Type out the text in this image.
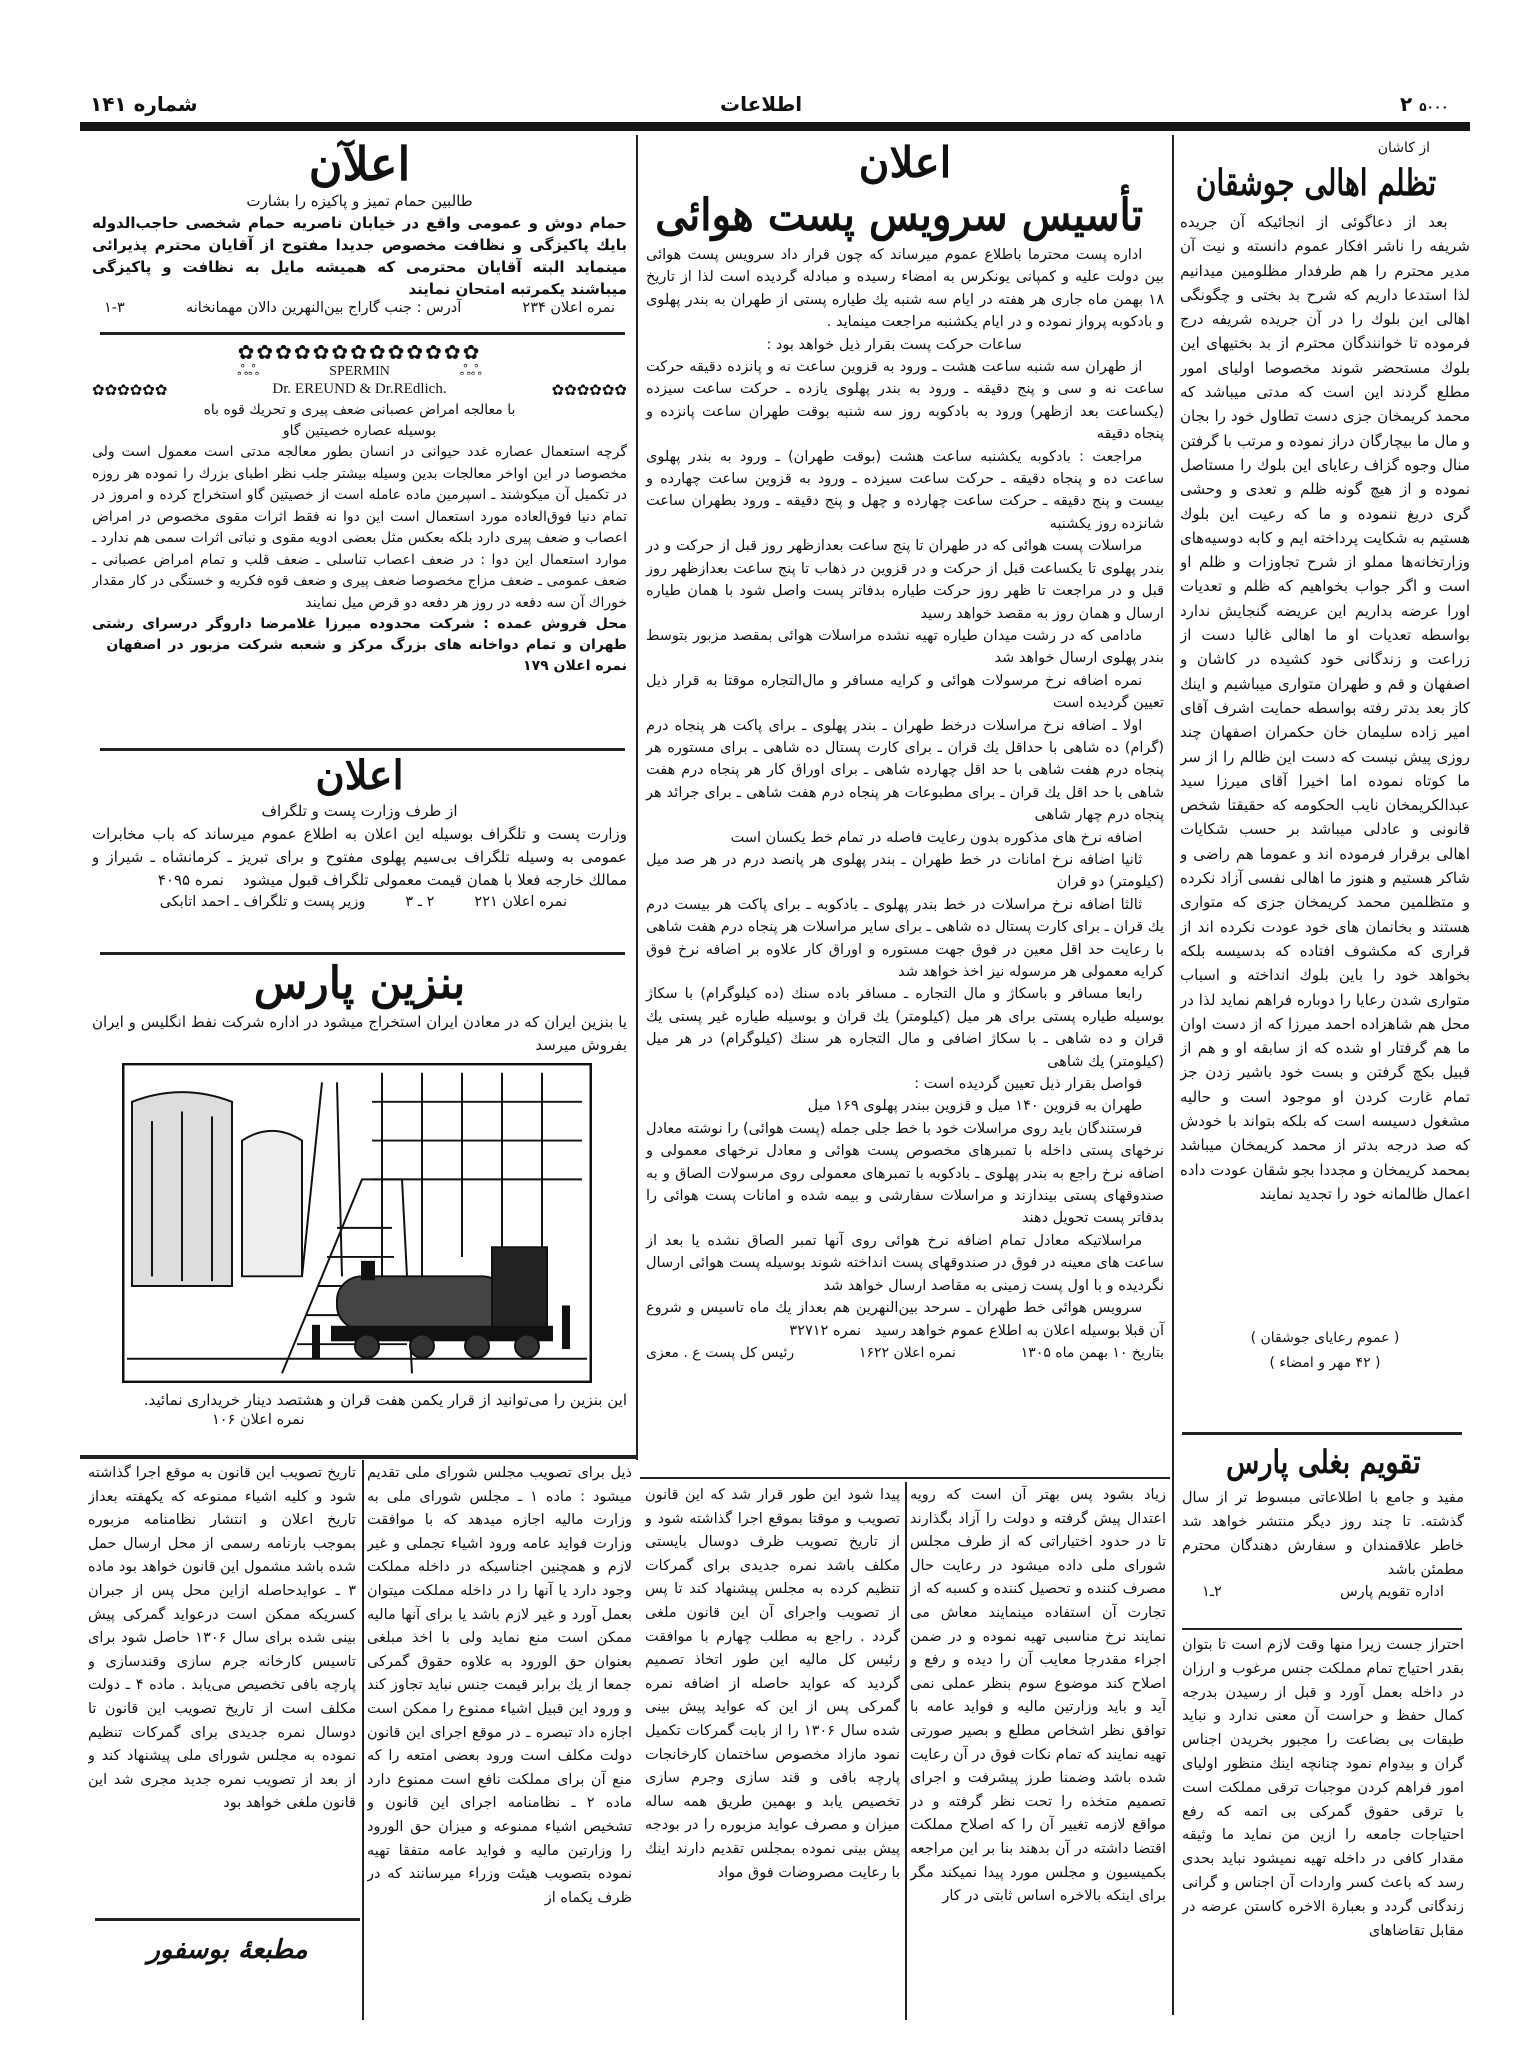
۲ ۵۰۰۰
اطلاعات
شماره ۱۴۱
اعلآن
طالبین حمام تمیز و پاکیزه را بشارت
حمام دوش و عمومی واقع در خیابان ناصریه حمام شخصی حاجب‌الدوله بایك پاکیزگی و نظافت مخصوص جدیدا مفتوح از آقایان محترم پذیرائی مینماید البته آقایان محترمی که همیشه مایل به نظافت و پاکیزگی میباشند یکمرتبه امتحان نمایند
نمره اعلان ۲۳۴
آدرس : جنب گاراج بین‌النهرین دالان مهمانخانه
۱-۳
✿✿✿✿✿✿✿✿✿✿✿✿✿
ஃஃ	SPERMIN	ஃஃ
✿✿✿✿✿✿	Dr. EREUND & Dr.REdlich.	✿✿✿✿✿✿
با معالجه امراض عصبانی ضعف پیری و تحریك قوه باه
بوسیله عصاره خصیتین گاو
گرچه استعمال عصاره غدد حیوانی در انسان بطور معالجه مدتی است معمول است ولی مخصوصا در این اواخر معالجات بدین وسیله بیشتر جلب نظر اطبای بزرك را نموده هر روزه در تکمیل آن میکوشند ـ اسپرمین ماده عامله است از خصیتین گاو استخراج کرده و امروز در تمام دنیا فوق‌العاده مورد استعمال است این دوا نه فقط اثرات مقوی مخصوص در امراض اعصاب و ضعف پیری دارد بلکه بعکس مثل بعضی ادویه مقوی و نباتی اثرات سمی هم ندارد ـ موارد استعمال این دوا : در ضعف اعصاب تناسلی ـ ضعف قلب و تمام امراض عصبانی ـ ضعف عمومی ـ ضعف مزاج مخصوصا ضعف پیری و ضعف قوه فکریه و خستگی در کار مقدار خوراك آن سه دفعه در روز هر دفعه دو قرص میل نمایند
محل فروش عمده : شرکت محدوده میرزا غلامرضا داروگر درسرای رشتی طهران و تمام دواخانه های بزرگ مرکز و شعبه شرکت مزبور در اصفهان   نمره اعلان ۱۷۹
اعلان
از طرف وزارت پست و تلگراف
وزارت پست و تلگراف بوسیله این اعلان به اطلاع عموم میرساند که باب مخابرات عمومی به وسیله تلگراف بی‌سیم پهلوی مفتوح و برای تبریز ـ کرمانشاه ـ شیراز و ممالك خارجه فعلا با همان قیمت معمولی تلگراف قبول میشود    نمره ۴۰۹۵
نمره اعلان ۲۲۱
۲ ـ ۳
وزیر پست و تلگراف ـ احمد اتابکی
بنزین پارس
یا بنزین ایران که در معادن ایران استخراج میشود در اداره شرکت نفط انگلیس و ایران بفروش میرسد
این بنزین را می‌توانید از قرار یکمن هفت قران و هشتصد دینار خریداری نمائید.
نمره اعلان ۱۰۶
اعلان
تأسیس سرویس پست هوائی

اداره پست محترما باطلاع عموم میرساند که چون قرار داد سرویس پست هوائی بین دولت علیه و کمپانی یونکرس به امضاء رسیده و مبادله گردیده است لذا از تاریخ ۱۸ بهمن ماه جاری هر هفته در ایام سه شنبه یك طیاره پستی از طهران به بندر پهلوی و بادکوبه پرواز نموده و در ایام یکشنبه مراجعت مینماید .

ساعات حرکت پست بقرار ذیل خواهد بود :

از طهران سه شنبه ساعت هشت ـ ورود به قزوین ساعت نه و پانزده دقیقه حرکت ساعت نه و سی و پنج دقیقه ـ ورود به بندر پهلوی یازده ـ حرکت ساعت سیزده (یکساعت بعد ازظهر) ورود به بادکوبه روز سه شنبه بوقت طهران ساعت پانزده و پنجاه دقیقه

مراجعت : بادکوبه یکشنبه ساعت هشت (بوقت طهران) ـ ورود به بندر پهلوی ساعت ده و پنجاه دقیقه ـ حرکت ساعت سیزده ـ ورود به قزوین ساعت چهارده و بیست و پنج دقیقه ـ حرکت ساعت چهارده و چهل و پنج دقیقه ـ ورود بطهران ساعت شانزده روز یکشنبه

مراسلات پست هوائی که در طهران تا پنج ساعت بعدازظهر روز قبل از حرکت و در بندر پهلوی تا یکساعت قبل از حرکت و در قزوین در ذهاب تا پنج ساعت بعدازظهر روز قبل و در مراجعت تا ظهر روز حرکت طیاره بدفاتر پست واصل شود با همان طیاره ارسال و همان روز به مقصد خواهد رسید

مادامی که در رشت میدان طیاره تهیه نشده مراسلات هوائی بمقصد مزبور بتوسط بندر پهلوی ارسال خواهد شد

نمره اضافه نرخ مرسولات هوائی و کرایه مسافر و مال‌التجاره موقتا به قرار ذیل تعیین گردیده است

اولا ـ اضافه نرخ مراسلات درخط طهران ـ بندر پهلوی ـ برای پاکت هر پنجاه درم (گرام) ده شاهی با حداقل یك قران ـ برای کارت پستال ده شاهی ـ برای مستوره هر پنجاه درم هفت شاهی با حد اقل چهارده شاهی ـ برای اوراق کار هر پنجاه درم هفت شاهی با حد اقل یك قران ـ برای مطبوعات هر پنجاه درم هفت شاهی ـ برای جرائد هر پنجاه درم چهار شاهی

اضافه نرخ های مذکوره بدون رعایت فاصله در تمام خط یکسان است

ثانیا اضافه نرخ امانات در خط طهران ـ بندر پهلوی هر پانصد درم در هر صد میل (کیلومتر) دو قران

ثالثا اضافه نرخ مراسلات در خط بندر پهلوی ـ بادکوبه ـ برای پاکت هر بیست درم یك قران ـ برای کارت پستال ده شاهی ـ برای سایر مراسلات هر پنجاه درم هفت شاهی با رعایت حد اقل معین در فوق جهت مستوره و اوراق کار علاوه بر اضافه نرخ فوق کرایه معمولی هر مرسوله نیز اخذ خواهد شد

رابعا مسافر و باسکاژ و مال التجاره ـ مسافر باده سنك (ده کیلوگرام) با سکاژ بوسیله طیاره پستی برای هر میل (کیلومتر) یك قران و بوسیله طیاره غیر پستی یك قران و ده شاهی ـ با سکاژ اضافی و مال التجاره هر سنك (کیلوگرام) در هر میل (کیلومتر) یك شاهی

فواصل بقرار ذیل تعیین گردیده است :

طهران به قزوین ۱۴۰ میل و قزوین ببندر پهلوی ۱۶۹ میل

فرستندگان باید روی مراسلات خود با خط جلی جمله (پست هوائی) را نوشته معادل نرخهای پستی داخله با تمبرهای مخصوص پست هوائی و معادل نرخهای معمولی و اضافه نرخ راجع به بندر پهلوی ـ بادکوبه با تمبرهای معمولی روی مرسولات الصاق و به صندوقهای پستی بیندازند و مراسلات سفارشی و بیمه شده و امانات پست هوائی را بدفاتر پست تحویل دهند

مراسلاتیکه معادل تمام اضافه نرخ هوائی روی آنها تمبر الصاق نشده یا بعد از ساعت های معینه در فوق در صندوقهای پست انداخته شوند بوسیله پست هوائی ارسال نگردیده و با اول پست زمینی به مقاصد ارسال خواهد شد

سرویس هوائی خط طهران ـ سرحد بین‌النهرین هم بعداز یك ماه تاسیس و شروع آن قبلا بوسیله اعلان به اطلاع عموم خواهد رسید   نمره ۳۲۷۱۲

بتاریخ ۱۰ بهمن ماه ۱۳۰۵
نمره اعلان ۱۶۲۲
رئیس کل پست ع . معزی
از کاشان
تظلم اهالی جوشقان

بعد از دعاگوئی از انجائیکه آن جریده شریفه را ناشر افکار عموم دانسته و نیت آن مدیر محترم را هم طرفدار مظلومین میدانیم لذا استدعا داریم که شرح بد بختی و چگونگی اهالی این بلوك را در آن جریده شریفه درج فرموده تا خوانندگان محترم از بد بختیهای این بلوك مستحضر شوند مخصوصا اولیای امور مطلع گردند این است که مدتی میباشد که محمد کریمخان جزی دست تطاول خود را بجان و مال ما بیچارگان دراز نموده و مرتب با گرفتن منال وجوه گزاف رعایای این بلوك را مستاصل نموده و از هیچ گونه ظلم و تعدی و وحشی گری دریغ ننموده و ما که رعیت این بلوك هستیم به شکایت پرداخته ایم و کابه دوسیه‌های وزارتخانه‌ها مملو از شرح تجاوزات و ظلم او است و اگر جواب بخواهیم که ظلم و تعدیات اورا عرضه بداریم این عریضه گنجایش ندارد بواسطه تعدیات او ما اهالی غالبا دست از زراعت و زندگانی خود کشیده در کاشان و اصفهان و قم و طهران متواری میباشیم و اینك کاز بعد بدتر رفته بواسطه حمایت اشرف آقای امیر زاده سلیمان خان حکمران اصفهان چند روزی پیش نیست که دست این ظالم را از سر ما کوتاه نموده اما اخیرا آقای میرزا سید عبدالکریمخان نایب الحکومه که حقیقتا شخص قانونی و عادلی میباشد بر حسب شکایات اهالی برقرار فرموده اند و عموما هم راضی و شاکر هستیم و هنوز ما اهالی نفسی آزاد نکرده و متظلمین محمد کریمخان جزی که متواری هستند و بخانمان های خود عودت نکرده اند از قراری که مکشوف افتاده که بدسیسه بلکه بخواهد خود را باین بلوك انداخته و اسباب متواری شدن رعایا را دوباره فراهم نماید لذا در محل هم شاهزاده احمد میرزا که از دست اوان ما هم گرفتار او شده که از سابقه او و هم از قبیل بکچ گرفتن و بست خود باشیر زدن جز تمام غارت کردن او موجود است و حالیه مشغول دسیسه است که بلکه بتواند با خودش که صد درجه بدتر از محمد کریمخان میباشد بمحمد کریمخان و مجددا بجو شقان عودت داده اعمال ظالمانه خود را تجدید نمایند

( عموم رعایای جوشقان )
( ۴۲ مهر و امضاء )
تقویم بغلی پارس
مفید و جامع با اطلاعاتی مبسوط تر از سال گذشته. تا چند روز دیگر منتشر خواهد شد خاطر علاقمندان و سفارش دهندگان محترم مطمئن باشد
اداره تقویم پارس
۲ـ۱
احتراز جست زیرا منها وقت لازم است تا بتوان بقدر احتیاج تمام مملکت جنس مرغوب و ارزان در داخله بعمل آورد و قبل از رسیدن بدرجه کمال حفظ و حراست آن معنی ندارد و نباید طبقات بی بضاعت را مجبور بخریدن اجناس گران و بیدوام نمود چنانچه اینك منظور اولیای امور فراهم کردن موجبات ترقی مملکت است با ترقی حقوق گمرکی بی اتمه که رفع احتیاجات جامعه را ازین من نماید ما وثیقه مقدار کافی در داخله تهیه نمیشود نباید بحدی رسد که باعث کسر واردات آن اجناس و گرانی زندگانی گردد و بعبارة الاخره کاستن عرضه در مقابل تقاضاهای
زیاد بشود پس بهتر آن است که رویه اعتدال پیش گرفته و دولت را آزاد بگذارند تا در حدود اختیاراتی که از طرف مجلس شورای ملی داده میشود در رعایت حال مصرف کننده و تحصیل کننده و کسبه که از تجارت آن استفاده مینمایند معاش می نمایند نرخ مناسبی تهیه نموده و در ضمن اجراء مقدرجا معایب آن را دیده و رفع و اصلاح کند موضوع سوم بنظر عملی نمی آید و باید وزارتین مالیه و فواید عامه با توافق نظر اشخاص مطلع و بصیر صورتی تهیه نمایند که تمام نکات فوق در آن رعایت شده باشد وضمنا طرز پیشرفت و اجرای تصمیم متخذه را تحت نظر گرفته و در مواقع لازمه تغییر آن را که اصلاح مملکت اقتضا داشته در آن بدهند بنا بر این مراجعه بکمیسیون و مجلس مورد پیدا نمیکند مگر برای اینکه بالاخره اساس ثابتی در کار
پیدا شود این طور قرار شد که این قانون تصویب و موقتا بموقع اجرا گذاشته شود و از تاریخ تصویب ظرف دوسال بایستی مکلف باشد نمره جدیدی برای گمرکات تنظیم کرده به مجلس پیشنهاد کند تا پس از تصویب واجرای آن این قانون ملغی گردد . راجع به مطلب چهارم با موافقت رئیس کل مالیه این طور اتخاذ تصمیم گردید که عواید حاصله از اضافه نمره گمرکی پس از این که عواید پیش بینی شده سال ۱۳۰۶ را از بابت گمرکات تکمیل نمود مازاد مخصوص ساختمان کارخانجات پارچه بافی و قند سازی وجرم سازی تخصیص یابد و بهمین طریق همه ساله میزان و مصرف عواید مزبوره را در بودجه پیش بینی نموده بمجلس تقدیم دارند اینك با رعایت مصروضات فوق مواد
ذیل برای تصویب مجلس شورای ملی تقدیم میشود : ماده ۱ ـ مجلس شورای ملی به وزارت مالیه اجازه میدهد که با موافقت وزارت فواید عامه ورود اشیاء تجملی و غیر لازم و همچنین اجناسیکه در داخله مملکت وجود دارد یا آنها را در داخله مملکت میتوان بعمل آورد و غیر لازم باشد یا برای آنها مالیه ممکن است منع نماید ولی با اخذ مبلغی بعنوان حق الورود به علاوه حقوق گمرکی جمعا از یك برابر قیمت جنس نباید تجاوز کند و ورود این قبیل اشیاء ممنوع را ممکن است اجازه داد تبصره ـ در موقع اجرای این قانون دولت مکلف است ورود بعضی امتعه را که منع آن برای مملکت نافع است ممنوع دارد ماده ۲ ـ نظامنامه اجرای این قانون و تشخیص اشیاء ممنوعه و میزان حق الورود را وزارتین مالیه و فواید عامه متفقا تهیه نموده بتصویب هیئت وزراء میرسانند که در ظرف یکماه از
تاریخ تصویب این قانون به موقع اجرا گذاشته شود و کلیه اشیاء ممنوعه که یکهفته بعداز تاریخ اعلان و انتشار نظامنامه مزبوره بموجب بارنامه رسمی از محل ارسال حمل شده باشد مشمول این قانون خواهد بود ماده ۳ ـ عوایدحاصله ازاین محل پس از جبران کسریکه ممکن است درعواید گمرکی پیش بینی شده برای سال ۱۳۰۶ حاصل شود برای تاسیس کارخانه جرم سازی وقندسازی و پارچه بافی تخصیص می‌یابد . ماده ۴ ـ دولت مکلف است از تاریخ تصویب این قانون تا دوسال نمره جدیدی برای گمرکات تنظیم نموده به مجلس شورای ملی پیشنهاد کند و از بعد از تصویب نمره جدید مجری شد این قانون ملغی خواهد بود
مطبعهٔ بوسفور
